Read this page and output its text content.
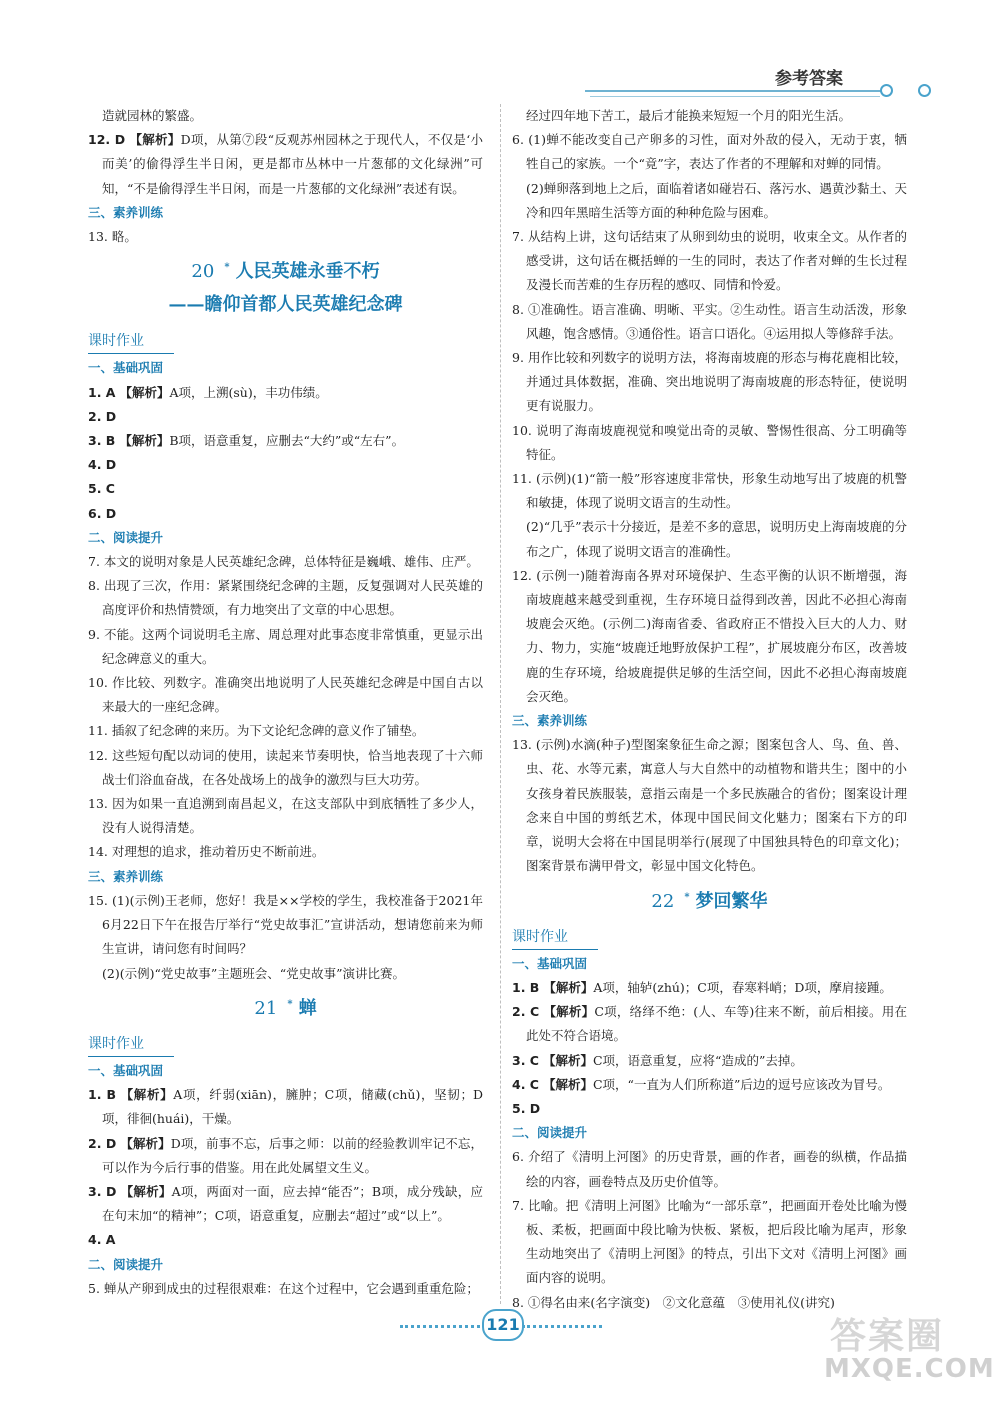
参考答案

造就园林的繁盛。

12. D 【解析】D项，从第⑦段“反观苏州园林之于现代人，不仅是‘小而美’的偷得浮生半日闲，更是都市丛林中一片葱郁的文化绿洲”可知，“不是偷得浮生半日闲，而是一片葱郁的文化绿洲”表述有误。

三、素养训练

13. 略。

20 * 人民英雄永垂不朽
——瞻仰首都人民英雄纪念碑
课时作业

一、基础巩固

1. A 【解析】A项，上溯(sù)，丰功伟绩。

2. D

3. B 【解析】B项，语意重复，应删去“大约”或“左右”。

4. D

5. C

6. D

二、阅读提升

7. 本文的说明对象是人民英雄纪念碑，总体特征是巍峨、雄伟、庄严。

8. 出现了三次，作用：紧紧围绕纪念碑的主题，反复强调对人民英雄的高度评价和热情赞颂，有力地突出了文章的中心思想。

9. 不能。这两个词说明毛主席、周总理对此事态度非常慎重，更显示出纪念碑意义的重大。

10. 作比较、列数字。准确突出地说明了人民英雄纪念碑是中国自古以来最大的一座纪念碑。

11. 插叙了纪念碑的来历。为下文论纪念碑的意义作了铺垫。

12. 这些短句配以动词的使用，读起来节奏明快，恰当地表现了十六师战士们浴血奋战，在各处战场上的战争的激烈与巨大功劳。

13. 因为如果一直追溯到南昌起义，在这支部队中到底牺牲了多少人，没有人说得清楚。

14. 对理想的追求，推动着历史不断前进。

三、素养训练

15. (1)(示例)王老师，您好！我是××学校的学生，我校准备于2021年6月22日下午在报告厅举行“党史故事汇”宣讲活动，想请您前来为师生宣讲，请问您有时间吗？

(2)(示例)“党史故事”主题班会、“党史故事”演讲比赛。

21 * 蝉
课时作业

一、基础巩固

1. B 【解析】A项，纤弱(xiān)，臃肿；C项，储藏(chǔ)，坚韧；D项，徘徊(huái)，干燥。

2. D 【解析】D项，前事不忘，后事之师：以前的经验教训牢记不忘，可以作为今后行事的借鉴。用在此处属望文生义。

3. D 【解析】A项，两面对一面，应去掉“能否”；B项，成分残缺，应在句末加“的精神”；C项，语意重复，应删去“超过”或“以上”。

4. A

二、阅读提升

5. 蝉从产卵到成虫的过程很艰难：在这个过程中，它会遇到重重危险；

经过四年地下苦工，最后才能换来短短一个月的阳光生活。

6. (1)蝉不能改变自己产卵多的习性，面对外敌的侵入，无动于衷，牺牲自己的家族。一个“竟”字，表达了作者的不理解和对蝉的同情。

(2)蝉卵落到地上之后，面临着诸如碰岩石、落污水、遇黄沙黏土、天冷和四年黑暗生活等方面的种种危险与困难。

7. 从结构上讲，这句话结束了从卵到幼虫的说明，收束全文。从作者的感受讲，这句话在概括蝉的一生的同时，表达了作者对蝉的生长过程及漫长而苦难的生存历程的感叹、同情和怜爱。

8. ①准确性。语言准确、明晰、平实。②生动性。语言生动活泼，形象风趣，饱含感情。③通俗性。语言口语化。④运用拟人等修辞手法。

9. 用作比较和列数字的说明方法，将海南坡鹿的形态与梅花鹿相比较，并通过具体数据，准确、突出地说明了海南坡鹿的形态特征，使说明更有说服力。

10. 说明了海南坡鹿视觉和嗅觉出奇的灵敏、警惕性很高、分工明确等特征。

11. (示例)(1)“箭一般”形容速度非常快，形象生动地写出了坡鹿的机警和敏捷，体现了说明文语言的生动性。

(2)“几乎”表示十分接近，是差不多的意思，说明历史上海南坡鹿的分布之广，体现了说明文语言的准确性。

12. (示例一)随着海南各界对环境保护、生态平衡的认识不断增强，海南坡鹿越来越受到重视，生存环境日益得到改善，因此不必担心海南坡鹿会灭绝。(示例二)海南省委、省政府正不惜投入巨大的人力、财力、物力，实施“坡鹿迁地野放保护工程”，扩展坡鹿分布区，改善坡鹿的生存环境，给坡鹿提供足够的生活空间，因此不必担心海南坡鹿会灭绝。

三、素养训练

13. (示例)水滴(种子)型图案象征生命之源；图案包含人、鸟、鱼、兽、虫、花、水等元素，寓意人与大自然中的动植物和谐共生；图中的小女孩身着民族服装，意指云南是一个多民族融合的省份；图案设计理念来自中国的剪纸艺术，体现中国民间文化魅力；图案右下方的印章，说明大会将在中国昆明举行(展现了中国独具特色的印章文化)；图案背景布满甲骨文，彰显中国文化特色。

22 * 梦回繁华
课时作业

一、基础巩固

1. B 【解析】A项，轴轳(zhú)；C项，春寒料峭；D项，摩肩接踵。

2. C 【解析】C项，络绎不绝：(人、车等)往来不断，前后相接。用在此处不符合语境。

3. C 【解析】C项，语意重复，应将“造成的”去掉。

4. C 【解析】C项，“一直为人们所称道”后边的逗号应该改为冒号。

5. D

二、阅读提升

6. 介绍了《清明上河图》的历史背景，画的作者，画卷的纵横，作品描绘的内容，画卷特点及历史价值等。

7. 比喻。把《清明上河图》比喻为“一部乐章”，把画面开卷处比喻为慢板、柔板，把画面中段比喻为快板、紧板，把后段比喻为尾声，形象生动地突出了《清明上河图》的特点，引出下文对《清明上河图》画面内容的说明。

8. ①得名由来(名字演变)　②文化意蕴　③使用礼仪(讲究)

121	答案圈
MXQE.COM
